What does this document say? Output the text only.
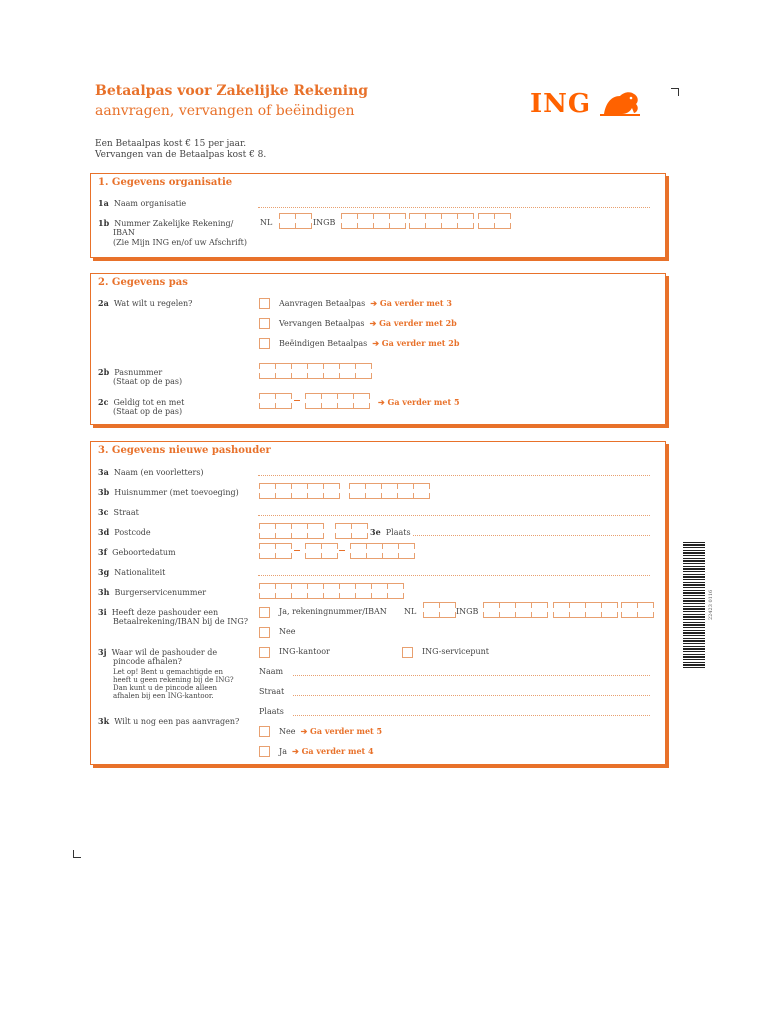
Betaalpas voor Zakelijke Rekening
aanvragen, vervangen of beëindigen
Een Betaalpas kost € 15 per jaar.
Vervangen van de Betaalpas kost € 8.
ING
1. Gegevens organisatie
1a Naam organisatie
1b Nummer Zakelijke Rekening/
IBAN
(Zie Mijn ING en/of uw Afschrift)
NL	INGB
2. Gegevens pas
2a Wat wilt u regelen?	Aanvragen Betaalpas ➔ Ga verder met 3
Vervangen Betaalpas ➔ Ga verder met 2b
Beëindigen Betaalpas ➔ Ga verder met 2b
2b Pasnummer
(Staat op de pas)
2c Geldig tot en met
(Staat op de pas)
➔ Ga verder met 5
3. Gegevens nieuwe pashouder
3a Naam (en voorletters)
3b Huisnummer (met toevoeging)
3c Straat
3d Postcode	3e Plaats
3f Geboortedatum
3g Nationaliteit
3h Burgerservicenummer
3i Heeft deze pashouder een
Betaalrekening/IBAN bij de ING?
Ja, rekeningnummer/IBAN NL	INGB
Nee
3j Waar wil de pashouder de
pincode afhalen?
Let op! Bent u gemachtigde en
heeft u geen rekening bij de ING?
Dan kunt u de pincode alleen
afhalen bij een ING-kantoor.
ING-kantoor	ING-servicepunt
Naam
Straat
Plaats
3k Wilt u nog een pas aanvragen?
Nee ➔ Ga verder met 5
Ja ➔ Ga verder met 4
22423 0116
